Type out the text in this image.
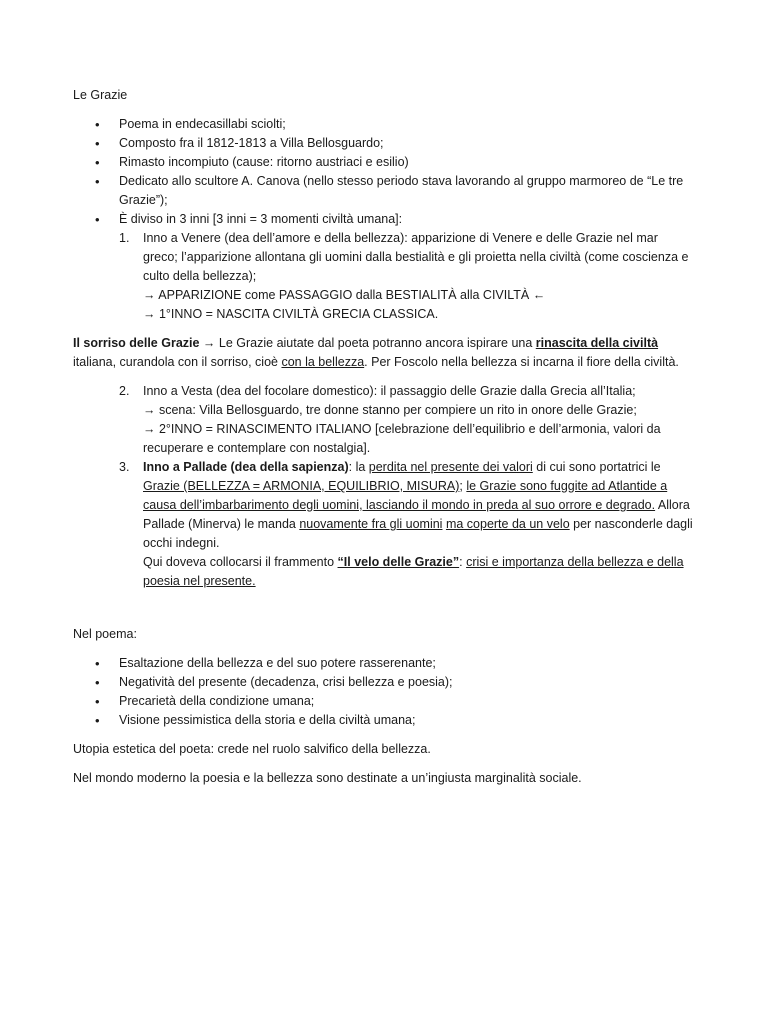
Le Grazie

• Poema in endecasillabi sciolti;
• Composto fra il 1812-1813 a Villa Bellosguardo;
• Rimasto incompiuto (cause: ritorno austriaci e esilio)
• Dedicato allo scultore A. Canova (nello stesso periodo stava lavorando al gruppo marmoreo de “Le tre Grazie”);
• È diviso in 3 inni [3 inni = 3 momenti civiltà umana]:
1. Inno a Venere (dea dell’amore e della bellezza): apparizione di Venere e delle Grazie nel mar greco; l’apparizione allontana gli uomini dalla bestialità e gli proietta nella civiltà (come coscienza e culto della bellezza);

→ APPARIZIONE come PASSAGGIO dalla BESTIALITÀ alla CIVILTÀ ←

→ 1°INNO = NASCITA CIVILTÀ GRECIA CLASSICA.

Il sorriso delle Grazie → Le Grazie aiutate dal poeta potranno ancora ispirare una rinascita della civiltà italiana, curandola con il sorriso, cioè con la bellezza. Per Foscolo nella bellezza si incarna il fiore della civiltà.

2. Inno a Vesta (dea del focolare domestico): il passaggio delle Grazie dalla Grecia all’Italia;

→ scena: Villa Bellosguardo, tre donne stanno per compiere un rito in onore delle Grazie;

→ 2°INNO = RINASCIMENTO ITALIANO [celebrazione dell’equilibrio e dell’armonia, valori da recuperare e contemplare con nostalgia].

3. Inno a Pallade (dea della sapienza): la perdita nel presente dei valori di cui sono portatrici le Grazie (BELLEZZA = ARMONIA, EQUILIBRIO, MISURA); le Grazie sono fuggite ad Atlantide a causa dell’imbarbarimento degli uomini, lasciando il mondo in preda al suo orrore e degrado. Allora Pallade (Minerva) le manda nuovamente fra gli uomini ma coperte da un velo per nasconderle dagli occhi indegni.

Qui doveva collocarsi il frammento “Il velo delle Grazie”: crisi e importanza della bellezza e della poesia nel presente.

Nel poema:

• Esaltazione della bellezza e del suo potere rasserenante;
• Negatività del presente (decadenza, crisi bellezza e poesia);
• Precarietà della condizione umana;
• Visione pessimistica della storia e della civiltà umana;

Utopia estetica del poeta: crede nel ruolo salvifico della bellezza.

Nel mondo moderno la poesia e la bellezza sono destinate a un’ingiusta marginalità sociale.
